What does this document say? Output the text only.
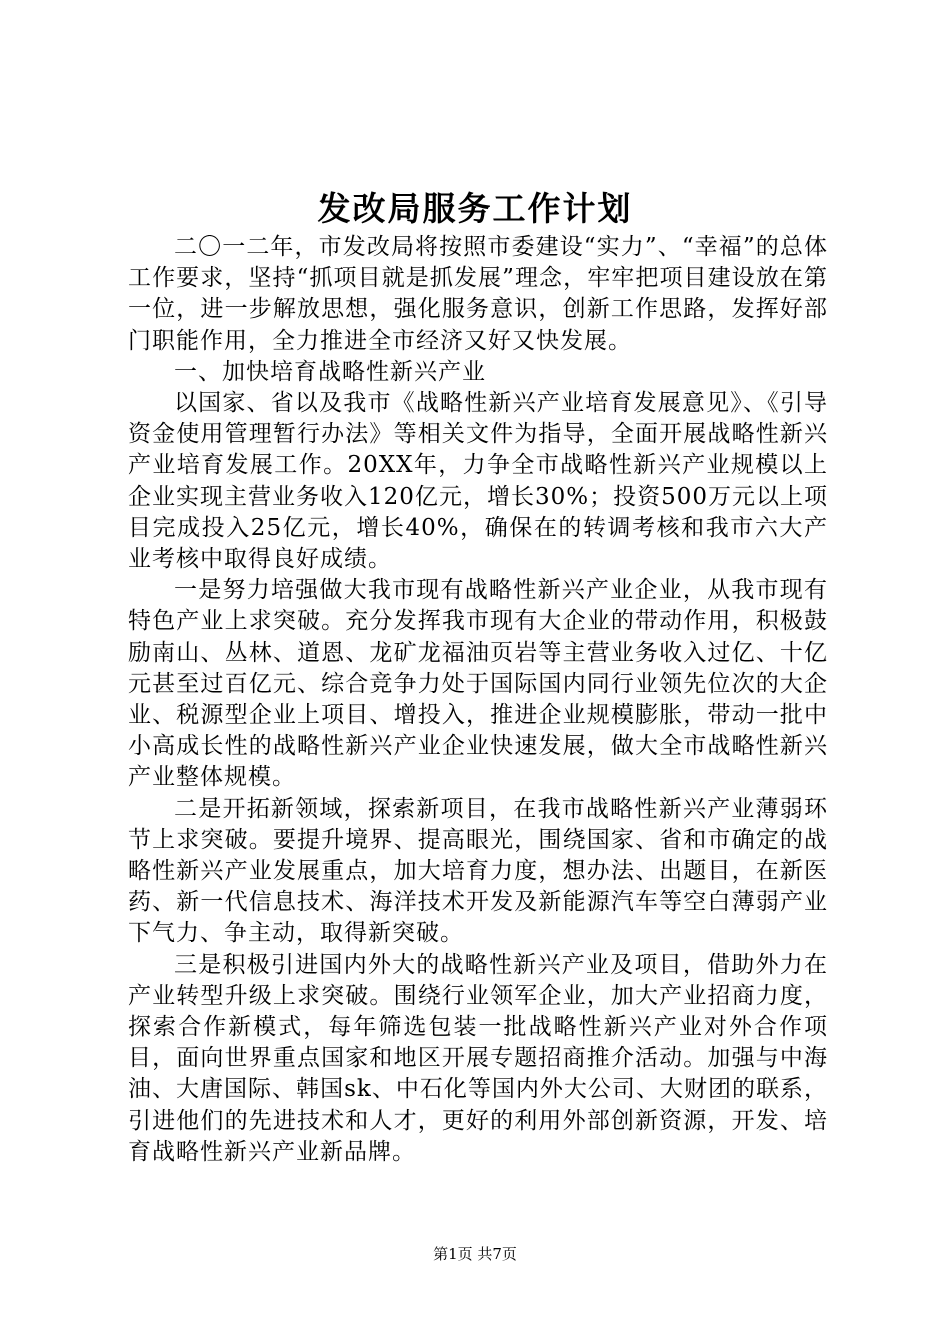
发改局服务工作计划

二〇一二年，市发改局将按照市委建设“实力”、“幸福”的总体工作要求，坚持“抓项目就是抓发展”理念，牢牢把项目建设放在第一位，进一步解放思想，强化服务意识，创新工作思路，发挥好部门职能作用，全力推进全市经济又好又快发展。

一、加快培育战略性新兴产业

以国家、省以及我市《战略性新兴产业培育发展意见》、《引导资金使用管理暂行办法》等相关文件为指导，全面开展战略性新兴产业培育发展工作。20XX年，力争全市战略性新兴产业规模以上企业实现主营业务收入120亿元，增长30%；投资500万元以上项目完成投入25亿元，增长40%，确保在的转调考核和我市六大产业考核中取得良好成绩。

一是努力培强做大我市现有战略性新兴产业企业，从我市现有特色产业上求突破。充分发挥我市现有大企业的带动作用，积极鼓励南山、丛林、道恩、龙矿龙福油页岩等主营业务收入过亿、十亿元甚至过百亿元、综合竞争力处于国际国内同行业领先位次的大企业、税源型企业上项目、增投入，推进企业规模膨胀，带动一批中小高成长性的战略性新兴产业企业快速发展，做大全市战略性新兴产业整体规模。

二是开拓新领域，探索新项目，在我市战略性新兴产业薄弱环节上求突破。要提升境界、提高眼光，围绕国家、省和市确定的战略性新兴产业发展重点，加大培育力度，想办法、出题目，在新医药、新一代信息技术、海洋技术开发及新能源汽车等空白薄弱产业下气力、争主动，取得新突破。

三是积极引进国内外大的战略性新兴产业及项目，借助外力在产业转型升级上求突破。围绕行业领军企业，加大产业招商力度，探索合作新模式，每年筛选包装一批战略性新兴产业对外合作项目，面向世界重点国家和地区开展专题招商推介活动。加强与中海油、大唐国际、韩国sk、中石化等国内外大公司、大财团的联系，引进他们的先进技术和人才，更好的利用外部创新资源，开发、培育战略性新兴产业新品牌。

第1页 共7页
